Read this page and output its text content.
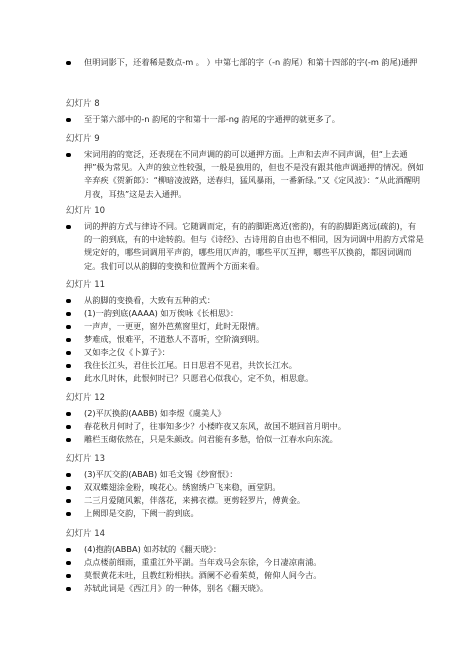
但明词影下，还着稀是数点-m 。 ）中第七部的字（-n 韵尾）和第十四部的字(-m 韵尾)通押
幻灯片 8
至于第六部中的-n 韵尾的字和第十一部-ng 韵尾的字通押的就更多了。
幻灯片 9
宋词用韵的宽泛，还表现在不同声调的韵可以通押方面。上声和去声不同声调，但“上去通押”极为常见。入声的独立性较强，一般是独用的，但也不是没有跟其他声调通押的情况。例如辛弃疾《贺新郎》：“柳暗凌波路，送春归，猛风暴雨，一番新绿。”又《定风波》：“从此酒醒明月夜，耳热”这是去入通押。
幻灯片 10
词的押韵方式与律诗不同。它随调而定，有的韵脚距离近(密韵)，有的韵脚距离远(疏韵)，有的一韵到底，有的中途转韵。但与《诗经》、古诗用韵自由也不相同，因为词调中用韵方式常是规定好的，哪些词调用平声韵，哪些用仄声韵，哪些平仄互押，哪些平仄换韵，都因词调而定。我们可以从韵脚的变换和位置两个方面来看。
幻灯片 11
从韵脚的变换看，大致有五种韵式：
(1)一韵到底(AAAA) 如万俟咏《长相思》：
一声声，一更更，窗外芭蕉窗里灯，此时无限情。
梦难成，恨难平，不道愁人不喜听，空阶滴到明。
又如李之仪《卜算子》：
我住长江头，君住长江尾。日日思君不见君，共饮长江水。
此水几时休，此恨何时已？只愿君心似我心，定不负，相思意。
幻灯片 12
(2)平仄换韵(AABB) 如李煜《虞美人》
春花秋月何时了，往事知多少？小楼昨夜又东风，故国不堪回首月明中。
雕栏玉砌依然在，只是朱颜改。问君能有多愁，恰似一江春水向东流。
幻灯片 13
(3)平仄交韵(ABAB) 如毛文锡《纱窗恨》：
双双蝶翅涂金粉，嗅花心。绣窗绣户飞来稳，画堂阴。
二三月爱随风絮，伴落花，来拂衣襟。更剪轻罗片，傅黄金。
上阙即是交韵，下阙一韵到底。
幻灯片 14
(4)抱韵(ABBA) 如苏轼的《翻天晓》：
点点楼前细雨，重重江外平湖。当年戏马会东徐，今日凄凉南浦。
莫恨黄花未吐，且教红粉相扶。酒阑不必看茱萸，俯仰人间今古。
苏轼此词是《西江月》的一种体，别名《翻天晓》。
